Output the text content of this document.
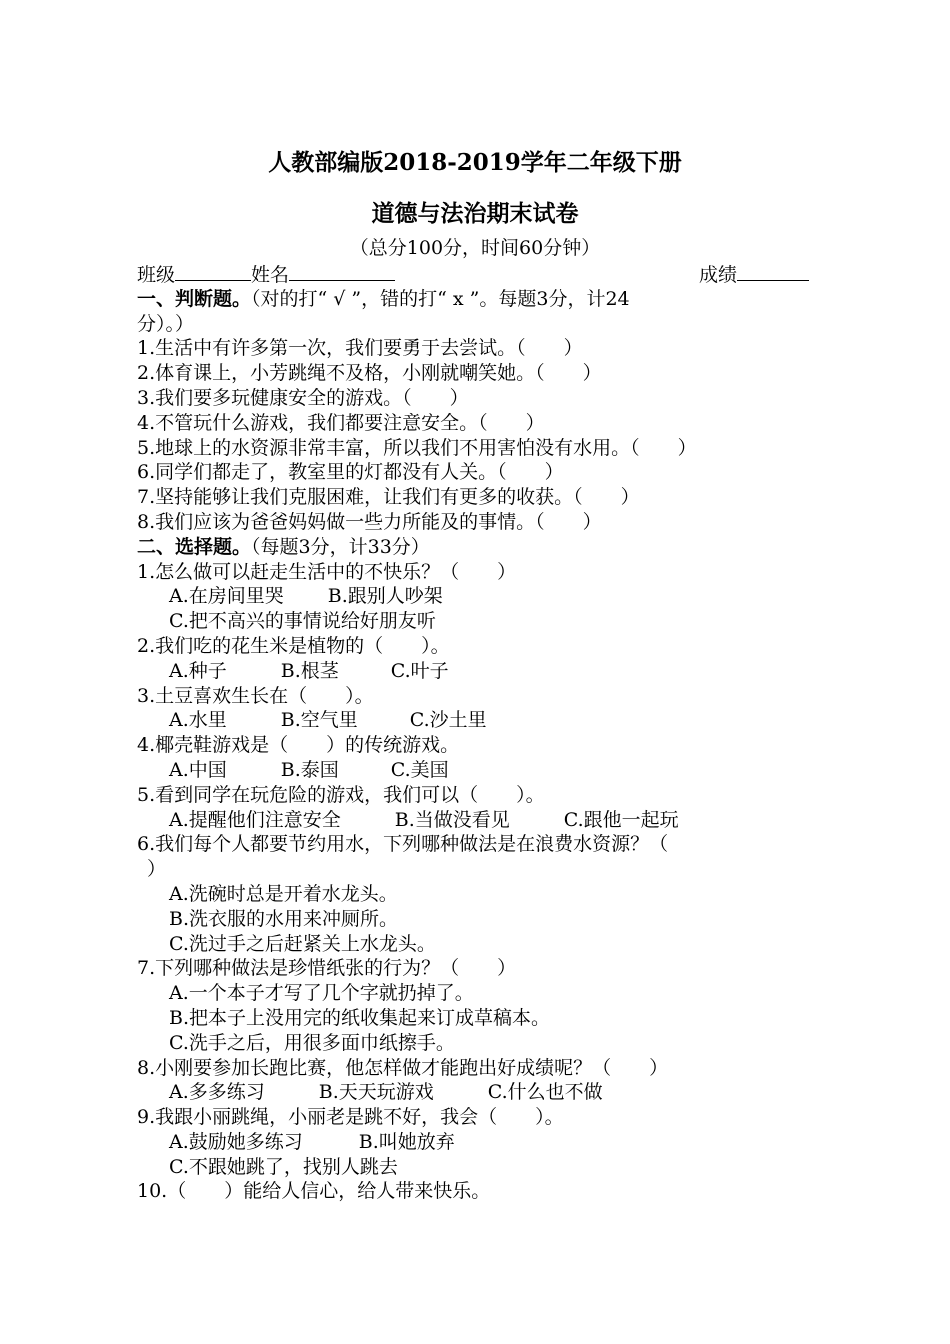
人教部编版2018-2019学年二年级下册
道德与法治期末试卷
（总分100分，时间60分钟）
班级	姓名	成绩
一、判断题。（对的打“ √ ”，错的打“ x ”。每题3分，计24
分）。）
1.生活中有许多第一次，我们要勇于去尝试。（　　）
2.体育课上，小芳跳绳不及格，小刚就嘲笑她。（　　）
3.我们要多玩健康安全的游戏。（　　）
4.不管玩什么游戏，我们都要注意安全。（　　）
5.地球上的水资源非常丰富，所以我们不用害怕没有水用。（　　）
6.同学们都走了，教室里的灯都没有人关。（　　）
7.坚持能够让我们克服困难，让我们有更多的收获。（　　）
8.我们应该为爸爸妈妈做一些力所能及的事情。（　　）
二、选择题。（每题3分，计33分）
1.怎么做可以赶走生活中的不快乐？（　　）
A.在房间里哭 B.跟别人吵架
C.把不高兴的事情说给好朋友听
2.我们吃的花生米是植物的（　　）。
A.种子	B.根茎	C.叶子
3.土豆喜欢生长在（　　）。
A.水里	B.空气里	C.沙土里
4.椰壳鞋游戏是（　　）的传统游戏。
A.中国	B.泰国	C.美国
5.看到同学在玩危险的游戏，我们可以（　　）。
A.提醒他们注意安全	B.当做没看见	C.跟他一起玩
6.我们每个人都要节约用水，下列哪种做法是在浪费水资源？（
）
A.洗碗时总是开着水龙头。
B.洗衣服的水用来冲厕所。
C.洗过手之后赶紧关上水龙头。
7.下列哪种做法是珍惜纸张的行为？（　　）
A.一个本子才写了几个字就扔掉了。
B.把本子上没用完的纸收集起来订成草稿本。
C.洗手之后，用很多面巾纸擦手。
8.小刚要参加长跑比赛，他怎样做才能跑出好成绩呢？（　　）
A.多多练习	B.天天玩游戏	C.什么也不做
9.我跟小丽跳绳，小丽老是跳不好，我会（　　）。
A.鼓励她多练习	B.叫她放弃
C.不跟她跳了，找别人跳去
10.（　　）能给人信心，给人带来快乐。
